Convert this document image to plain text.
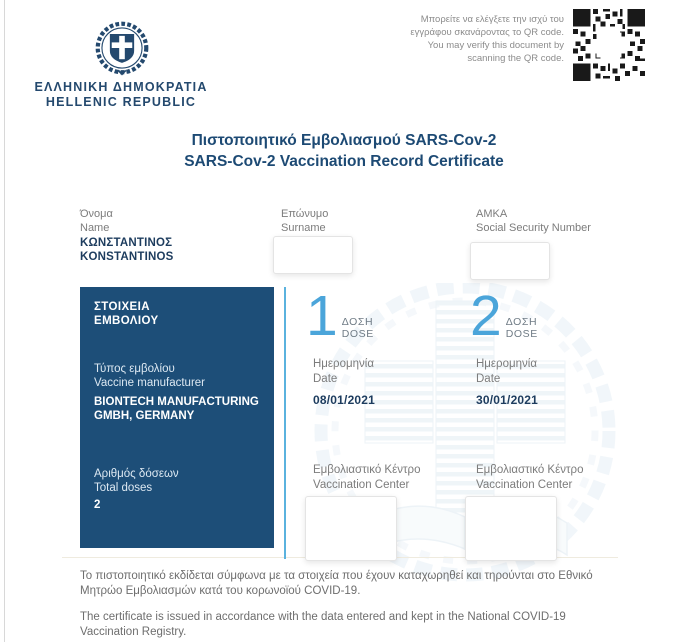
ΕΛΛΗΝΙΚΗ ΔΗΜΟΚΡΑΤΙΑ
HELLENIC REPUBLIC
Μπορείτε να ελέγξετε την ισχύ του
εγγράφου σκανάροντας το QR code.
You may verify this document by
scanning the QR code.
Πιστοποιητικό Εμβολιασμού SARS-Cov-2
SARS-Cov-2 Vaccination Record Certificate
Όνομα
Name
ΚΩΝΣΤΑΝΤΙΝΟΣ
KONSTANTINOS
Επώνυμο
Surname
ΑΜΚΑ
Social Security Number
ΣΤΟΙΧΕΙΑ
ΕΜΒΟΛΙΟΥ
Τύπος εμβολίου
Vaccine manufacturer
BIONTECH MANUFACTURING
GMBH, GERMANY
Αριθμός δόσεων
Total doses
2
1 ΔΟΣΗ
DOSE
Ημερομηνία
Date
08/01/2021
Εμβολιαστικό Κέντρο
Vaccination Center
2 ΔΟΣΗ
DOSE
Ημερομηνία
Date
30/01/2021
Εμβολιαστικό Κέντρο
Vaccination Center
Το πιστοποιητικό εκδίδεται σύμφωνα με τα στοιχεία που έχουν καταχωρηθεί και τηρούνται στο Εθνικό Μητρώο Εμβολιασμών κατά του κορωνοϊού COVID-19.
The certificate is issued in accordance with the data entered and kept in the National COVID-19 Vaccination Registry.
